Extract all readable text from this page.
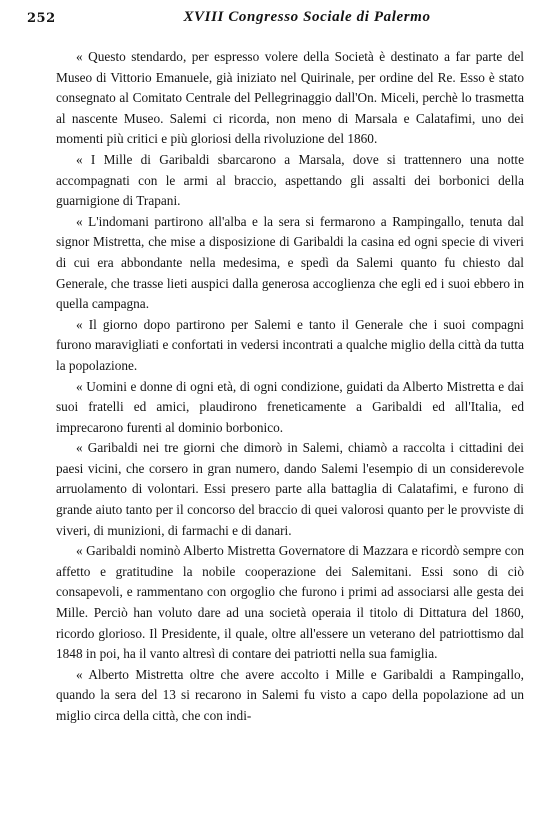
252	XVIII Congresso Sociale di Palermo

« Questo stendardo, per espresso volere della Società è destinato a far parte del Museo di Vittorio Emanuele, già iniziato nel Quirinale, per ordine del Re. Esso è stato consegnato al Comitato Centrale del Pellegrinaggio dall'On. Miceli, perchè lo trasmetta al nascente Museo. Salemi ci ricorda, non meno di Marsala e Calatafimi, uno dei momenti più critici e più gloriosi della rivoluzione del 1860.

« I Mille di Garibaldi sbarcarono a Marsala, dove si trattennero una notte accompagnati con le armi al braccio, aspettando gli assalti dei borbonici della guarnigione di Trapani.

« L'indomani partirono all'alba e la sera si fermarono a Rampingallo, tenuta dal signor Mistretta, che mise a disposizione di Garibaldi la casina ed ogni specie di viveri di cui era abbondante nella medesima, e spedì da Salemi quanto fu chiesto dal Generale, che trasse lieti auspici dalla generosa accoglienza che egli ed i suoi ebbero in quella campagna.

« Il giorno dopo partirono per Salemi e tanto il Generale che i suoi compagni furono maravigliati e confortati in vedersi incontrati a qualche miglio della città da tutta la popolazione.

« Uomini e donne di ogni età, di ogni condizione, guidati da Alberto Mistretta e dai suoi fratelli ed amici, plaudirono freneticamente a Garibaldi ed all'Italia, ed imprecarono furenti al dominio borbonico.

« Garibaldi nei tre giorni che dimorò in Salemi, chiamò a raccolta i cittadini dei paesi vicini, che corsero in gran numero, dando Salemi l'esempio di un considerevole arruolamento di volontari. Essi presero parte alla battaglia di Calatafimi, e furono di grande aiuto tanto per il concorso del braccio di quei valorosi quanto per le provviste di viveri, di munizioni, di farmachi e di danari.

« Garibaldi nominò Alberto Mistretta Governatore di Mazzara e ricordò sempre con affetto e gratitudine la nobile cooperazione dei Salemitani. Essi sono di ciò consapevoli, e rammentano con orgoglio che furono i primi ad associarsi alle gesta dei Mille. Perciò han voluto dare ad una società operaia il titolo di Dittatura del 1860, ricordo glorioso. Il Presidente, il quale, oltre all'essere un veterano del patriottismo dal 1848 in poi, ha il vanto altresì di contare dei patriotti nella sua famiglia.

« Alberto Mistretta oltre che avere accolto i Mille e Garibaldi a Rampingallo, quando la sera del 13 si recarono in Salemi fu visto a capo della popolazione ad un miglio circa della città, che con indi-
